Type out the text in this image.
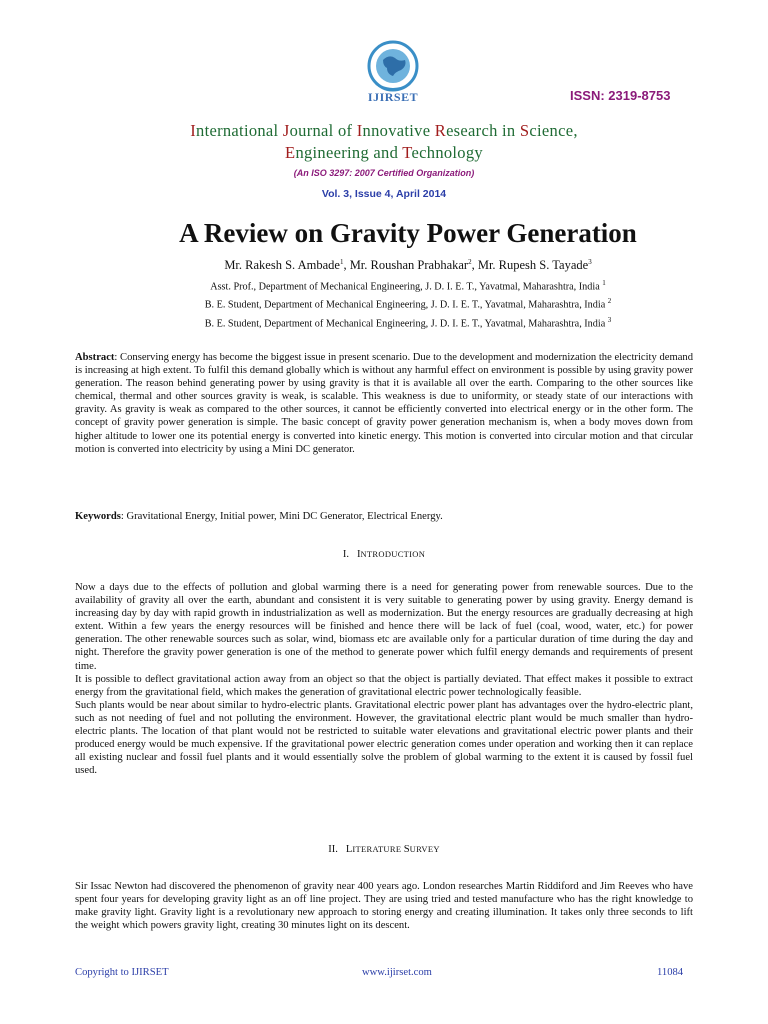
IJIRSET	ISSN: 2319-8753
International Journal of Innovative Research in Science,
Engineering and Technology
(An ISO 3297: 2007 Certified Organization)
Vol. 3, Issue 4, April 2014
A Review on Gravity Power Generation
Mr. Rakesh S. Ambade$^1$, Mr. Roushan Prabhakar$^2$, Mr. Rupesh S. Tayade$^3$
Asst. Prof., Department of Mechanical Engineering, J. D. I. E. T., Yavatmal, Maharashtra, India $^1$
B. E. Student, Department of Mechanical Engineering, J. D. I. E. T., Yavatmal, Maharashtra, India $^2$
B. E. Student, Department of Mechanical Engineering, J. D. I. E. T., Yavatmal, Maharashtra, India $^3$

Abstract: Conserving energy has become the biggest issue in present scenario. Due to the development and modernization the electricity demand is increasing at high extent. To fulfil this demand globally which is without any harmful effect on environment is possible by using gravity power generation. The reason behind generating power by using gravity is that it is available all over the earth. Comparing to the other sources like chemical, thermal and other sources gravity is weak, is scalable. This weakness is due to uniformity, or steady state of our interactions with gravity. As gravity is weak as compared to the other sources, it cannot be efficiently converted into electrical energy or in the other form. The concept of gravity power generation is simple. The basic concept of gravity power generation mechanism is, when a body moves down from higher altitude to lower one its potential energy is converted into kinetic energy. This motion is converted into circular motion and that circular motion is converted into electricity by using a Mini DC generator.

Keywords: Gravitational Energy, Initial power, Mini DC Generator, Electrical Energy.

I. INTRODUCTION

Now a days due to the effects of pollution and global warming there is a need for generating power from renewable sources. Due to the availability of gravity all over the earth, abundant and consistent it is very suitable to generating power by using gravity. Energy demand is increasing day by day with rapid growth in industrialization as well as modernization. But the energy resources are gradually decreasing at high extent. Within a few years the energy resources will be finished and hence there will be lack of fuel (coal, wood, water, etc.) for power generation. The other renewable sources such as solar, wind, biomass etc are available only for a particular duration of time during the day and night. Therefore the gravity power generation is one of the method to generate power which fulfil energy demands and requirements of present time.

It is possible to deflect gravitational action away from an object so that the object is partially deviated. That effect makes it possible to extract energy from the gravitational field, which makes the generation of gravitational electric power technologically feasible.

Such plants would be near about similar to hydro-electric plants. Gravitational electric power plant has advantages over the hydro-electric plant, such as not needing of fuel and not polluting the environment. However, the gravitational electric plant would be much smaller than hydro-electric plants. The location of that plant would not be restricted to suitable water elevations and gravitational electric power plants and their produced energy would be much expensive. If the gravitational power electric generation comes under operation and working then it can replace all existing nuclear and fossil fuel plants and it would essentially solve the problem of global warming to the extent it is caused by fossil fuel used.

II. LITERATURE SURVEY

Sir Issac Newton had discovered the phenomenon of gravity near 400 years ago. London researches Martin Riddiford and Jim Reeves who have spent four years for developing gravity light as an off line project. They are using tried and tested manufacture who has the right knowledge to make gravity light. Gravity light is a revolutionary new approach to storing energy and creating illumination. It takes only three seconds to lift the weight which powers gravity light, creating 30 minutes light on its descent.

Copyright to IJIRSET	www.ijirset.com	11084
